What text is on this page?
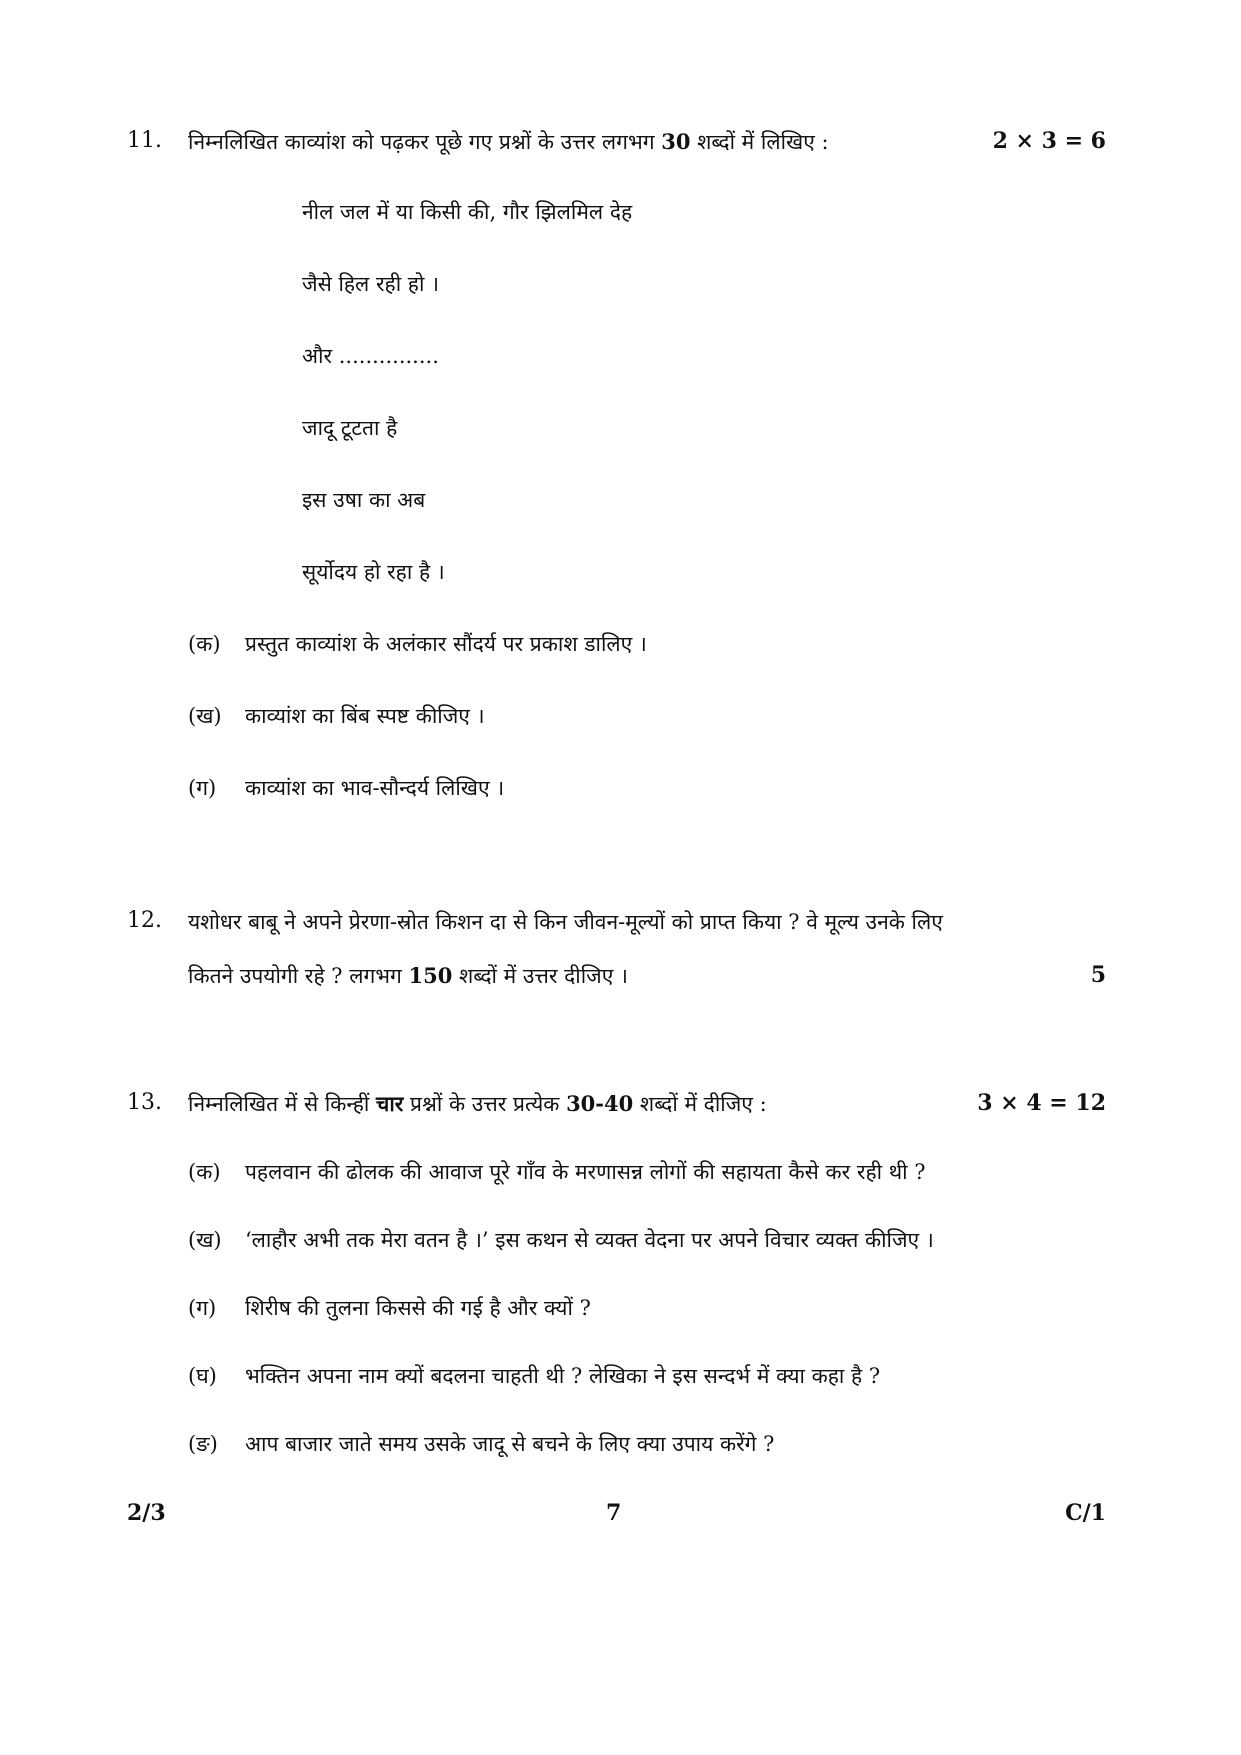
11. निम्नलिखित काव्यांश को पढ़कर पूछे गए प्रश्नों के उत्तर लगभग 30 शब्दों में लिखिए :	2 × 3 = 6
नील जल में या किसी की, गौर झिलमिल देह
जैसे हिल रही हो ।
और ...............
जादू टूटता है
इस उषा का अब
सूर्योदय हो रहा है ।
(क) प्रस्तुत काव्यांश के अलंकार सौंदर्य पर प्रकाश डालिए ।
(ख) काव्यांश का बिंब स्पष्ट कीजिए ।
(ग) काव्यांश का भाव-सौन्दर्य लिखिए ।
12. यशोधर बाबू ने अपने प्रेरणा-स्रोत किशन दा से किन जीवन-मूल्यों को प्राप्त किया ? वे मूल्य उनके लिए
कितने उपयोगी रहे ? लगभग 150 शब्दों में उत्तर दीजिए ।	5
13. निम्नलिखित में से किन्हीं चार प्रश्नों के उत्तर प्रत्येक 30-40 शब्दों में दीजिए :	3 × 4 = 12
(क) पहलवान की ढोलक की आवाज पूरे गाँव के मरणासन्न लोगों की सहायता कैसे कर रही थी ?
(ख) ‘लाहौर अभी तक मेरा वतन है ।’ इस कथन से व्यक्त वेदना पर अपने विचार व्यक्त कीजिए ।
(ग) शिरीष की तुलना किससे की गई है और क्यों ?
(घ) भक्तिन अपना नाम क्यों बदलना चाहती थी ? लेखिका ने इस सन्दर्भ में क्या कहा है ?
(ङ) आप बाजार जाते समय उसके जादू से बचने के लिए क्या उपाय करेंगे ?
2/3	7	C/1
